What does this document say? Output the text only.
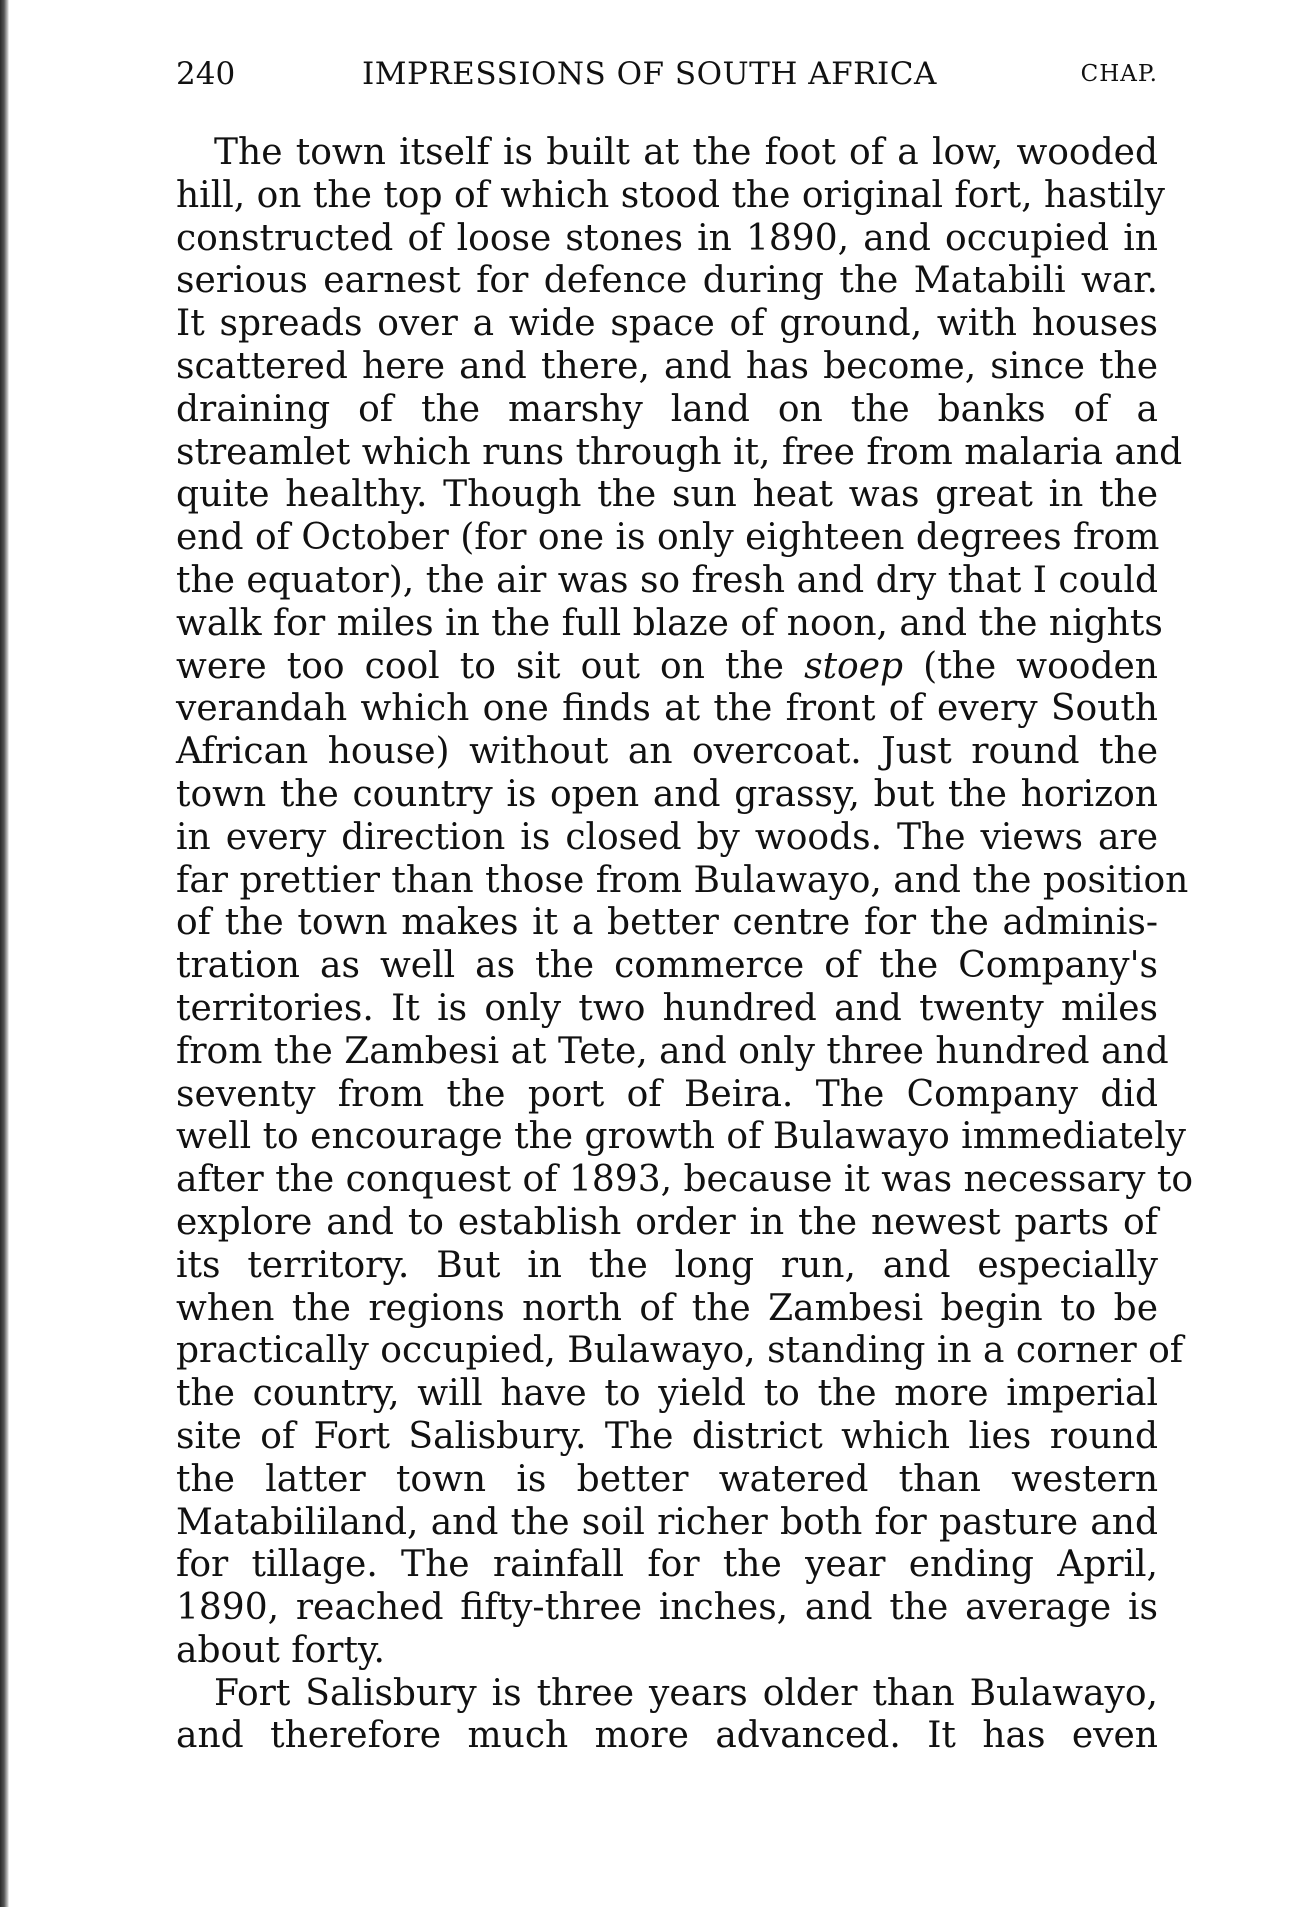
240	IMPRESSIONS OF SOUTH AFRICA	CHAP.
The town itself is built at the foot of a low, wooded
hill, on the top of which stood the original fort, hastily
constructed of loose stones in 1890, and occupied in
serious earnest for defence during the Matabili war.
It spreads over a wide space of ground, with houses
scattered here and there, and has become, since the
draining of the marshy land on the banks of a
streamlet which runs through it, free from malaria and
quite healthy. Though the sun heat was great in the
end of October (for one is only eighteen degrees from
the equator), the air was so fresh and dry that I could
walk for miles in the full blaze of noon, and the nights
were too cool to sit out on the stoep (the wooden
verandah which one finds at the front of every South
African house) without an overcoat. Just round the
town the country is open and grassy, but the horizon
in every direction is closed by woods. The views are
far prettier than those from Bulawayo, and the position
of the town makes it a better centre for the adminis-
tration as well as the commerce of the Company's
territories. It is only two hundred and twenty miles
from the Zambesi at Tete, and only three hundred and
seventy from the port of Beira. The Company did
well to encourage the growth of Bulawayo immediately
after the conquest of 1893, because it was necessary to
explore and to establish order in the newest parts of
its territory. But in the long run, and especially
when the regions north of the Zambesi begin to be
practically occupied, Bulawayo, standing in a corner of
the country, will have to yield to the more imperial
site of Fort Salisbury. The district which lies round
the latter town is better watered than western
Matabililand, and the soil richer both for pasture and
for tillage. The rainfall for the year ending April,
1890, reached fifty-three inches, and the average is
about forty.
Fort Salisbury is three years older than Bulawayo,
and therefore much more advanced. It has even
